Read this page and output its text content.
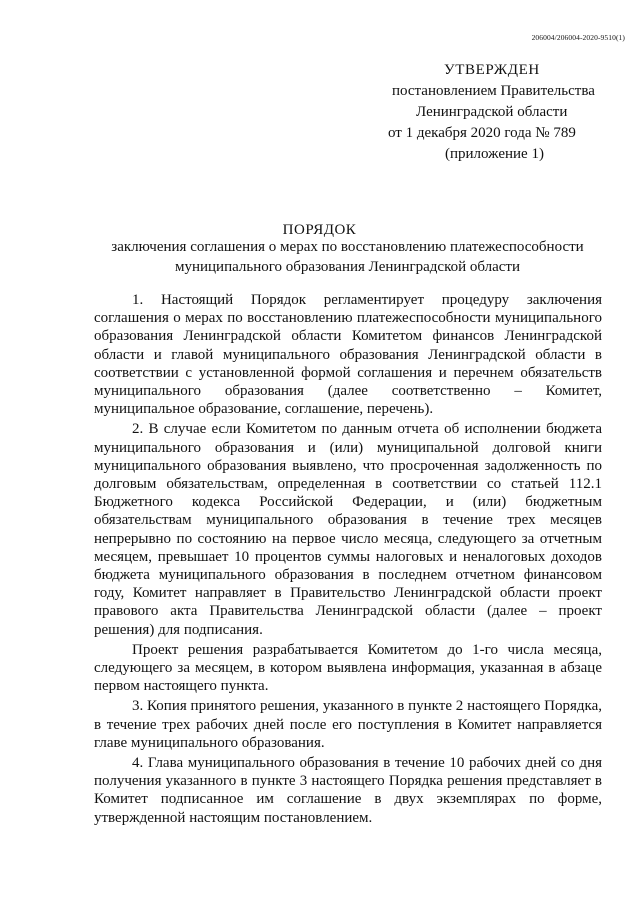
206004/206004-2020-9510(1)
УТВЕРЖДЕН
постановлением Правительства
Ленинградской области
от 1 декабря 2020 года № 789
(приложение 1)
ПОРЯДОК
заключения соглашения о мерах по восстановлению платежеспособности муниципального образования Ленинградской области

1. Настоящий Порядок регламентирует процедуру заключения соглашения о мерах по восстановлению платежеспособности муниципального образования Ленинградской области Комитетом финансов Ленинградской области и главой муниципального образования Ленинградской области в соответствии с установленной формой соглашения и перечнем обязательств муниципального образования (далее соответственно – Комитет, муниципальное образование, соглашение, перечень).

2. В случае если Комитетом по данным отчета об исполнении бюджета муниципального образования и (или) муниципальной долговой книги муниципального образования выявлено, что просроченная задолженность по долговым обязательствам, определенная в соответствии со статьей 112.1 Бюджетного кодекса Российской Федерации, и (или) бюджетным обязательствам муниципального образования в течение трех месяцев непрерывно по состоянию на первое число месяца, следующего за отчетным месяцем, превышает 10 процентов суммы налоговых и неналоговых доходов бюджета муниципального образования в последнем отчетном финансовом году, Комитет направляет в Правительство Ленинградской области проект правового акта Правительства Ленинградской области (далее – проект решения) для подписания.

Проект решения разрабатывается Комитетом до 1-го числа месяца, следующего за месяцем, в котором выявлена информация, указанная в абзаце первом настоящего пункта.

3. Копия принятого решения, указанного в пункте 2 настоящего Порядка, в течение трех рабочих дней после его поступления в Комитет направляется главе муниципального образования.

4. Глава муниципального образования в течение 10 рабочих дней со дня получения указанного в пункте 3 настоящего Порядка решения представляет в Комитет подписанное им соглашение в двух экземплярах по форме, утвержденной настоящим постановлением.
